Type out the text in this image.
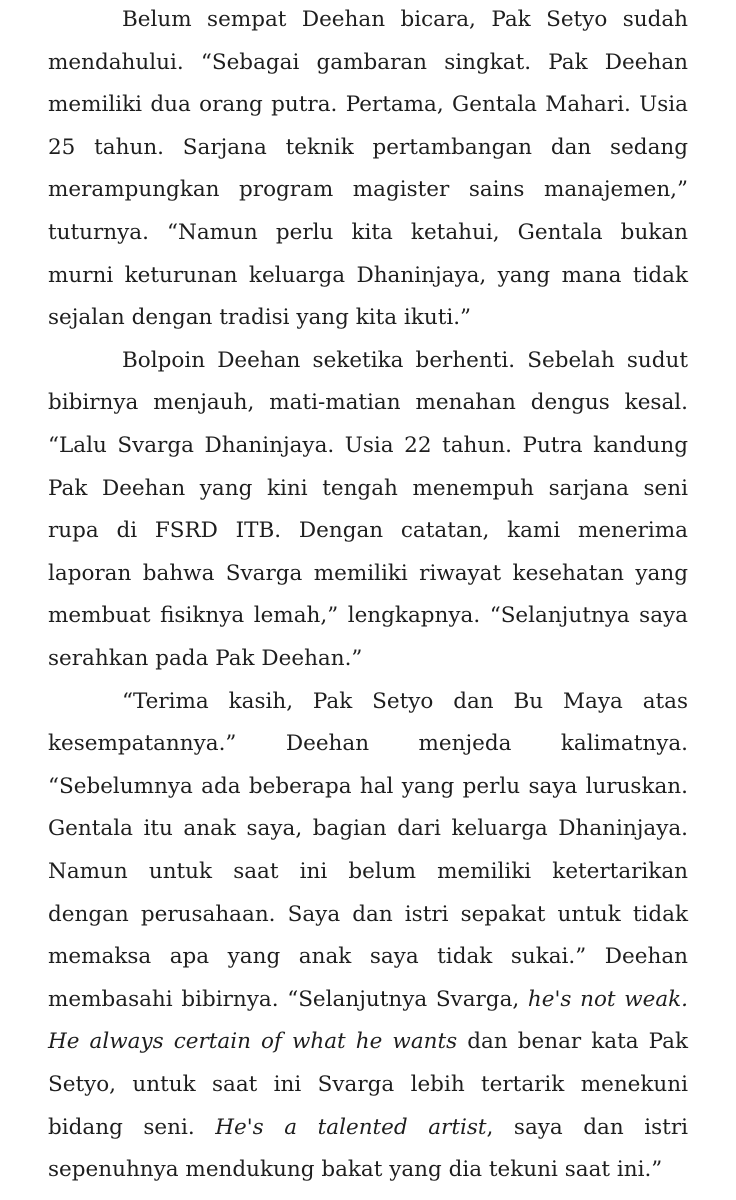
Belum sempat Deehan bicara, Pak Setyo sudah
mendahului. “Sebagai gambaran singkat. Pak Deehan
memiliki dua orang putra. Pertama, Gentala Mahari. Usia
25 tahun. Sarjana teknik pertambangan dan sedang
merampungkan program magister sains manajemen,”
tuturnya. “Namun perlu kita ketahui, Gentala bukan
murni keturunan keluarga Dhaninjaya, yang mana tidak
sejalan dengan tradisi yang kita ikuti.”
Bolpoin Deehan seketika berhenti. Sebelah sudut
bibirnya menjauh, mati-matian menahan dengus kesal.
“Lalu Svarga Dhaninjaya. Usia 22 tahun. Putra kandung
Pak Deehan yang kini tengah menempuh sarjana seni
rupa di FSRD ITB. Dengan catatan, kami menerima
laporan bahwa Svarga memiliki riwayat kesehatan yang
membuat fisiknya lemah,” lengkapnya. “Selanjutnya saya
serahkan pada Pak Deehan.”
“Terima kasih, Pak Setyo dan Bu Maya atas
kesempatannya.” Deehan menjeda kalimatnya.
“Sebelumnya ada beberapa hal yang perlu saya luruskan.
Gentala itu anak saya, bagian dari keluarga Dhaninjaya.
Namun untuk saat ini belum memiliki ketertarikan
dengan perusahaan. Saya dan istri sepakat untuk tidak
memaksa apa yang anak saya tidak sukai.” Deehan
membasahi bibirnya. “Selanjutnya Svarga, he's not weak.
He always certain of what he wants dan benar kata Pak
Setyo, untuk saat ini Svarga lebih tertarik menekuni
bidang seni. He's a talented artist, saya dan istri
sepenuhnya mendukung bakat yang dia tekuni saat ini.”
